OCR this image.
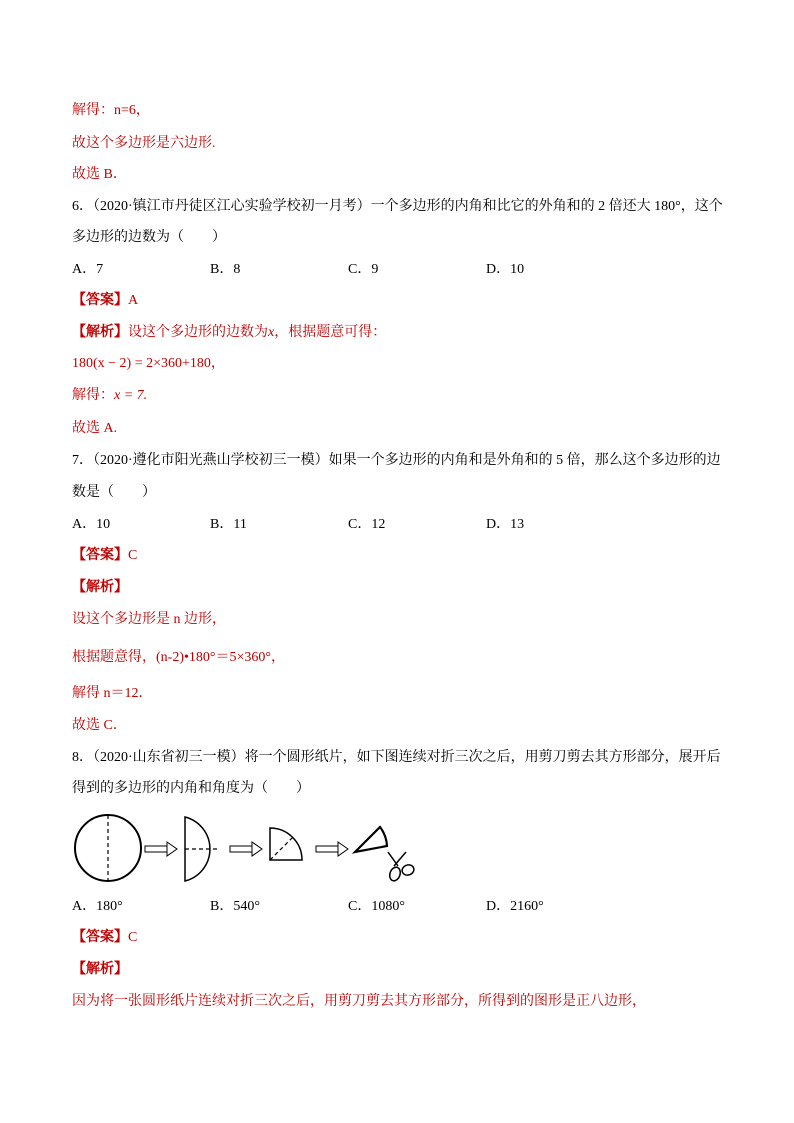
解得：n=6，
故这个多边形是六边形.
故选 B．
6．（2020·镇江市丹徒区江心实验学校初一月考）一个多边形的内角和比它的外角和的 2 倍还大 180°，这个
多边形的边数为（　　）
A．7	B．8	C．9	D．10
【答案】A
【解析】设这个多边形的边数为x，根据题意可得：
180(x − 2) = 2×360+180，
解得：x = 7.
故选 A.
7．（2020·遵化市阳光燕山学校初三一模）如果一个多边形的内角和是外角和的 5 倍，那么这个多边形的边
数是（　　）
A．10	B．11	C．12	D．13
【答案】C
【解析】
设这个多边形是 n 边形，
根据题意得，(n-2)•180°＝5×360°，
解得 n＝12．
故选 C．
8．（2020·山东省初三一模）将一个圆形纸片，如下图连续对折三次之后，用剪刀剪去其方形部分，展开后
得到的多边形的内角和角度为（　　）
A．180°	B．540°	C．1080°	D．2160°
【答案】C
【解析】
因为将一张圆形纸片连续对折三次之后，用剪刀剪去其方形部分，所得到的图形是正八边形，
